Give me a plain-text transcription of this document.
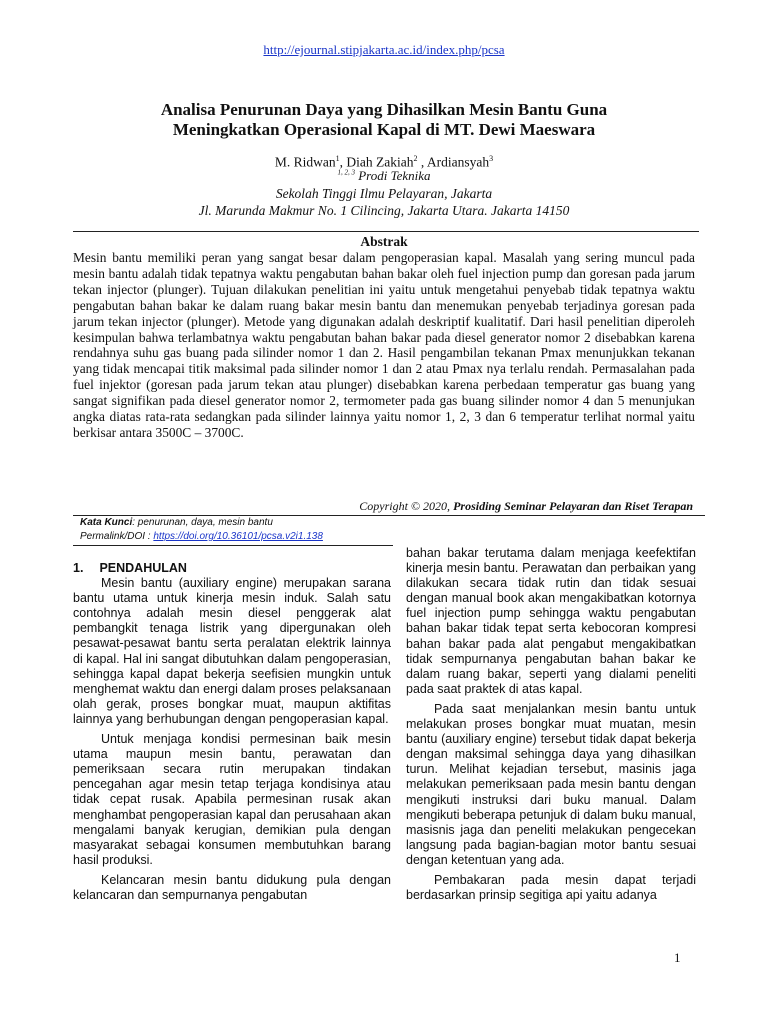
http://ejournal.stipjakarta.ac.id/index.php/pcsa
Analisa Penurunan Daya yang Dihasilkan Mesin Bantu Guna
Meningkatkan Operasional Kapal di MT. Dewi Maeswara
M. Ridwan$^1$, Diah Zakiah$^2$ , Ardiansyah$^3$
$^{1, 2, 3}$ Prodi Teknika
Sekolah Tinggi Ilmu Pelayaran, Jakarta
Jl. Marunda Makmur No. 1 Cilincing, Jakarta Utara. Jakarta 14150
Abstrak
Mesin bantu memiliki peran yang sangat besar dalam pengoperasian kapal. Masalah yang sering muncul pada mesin bantu adalah tidak tepatnya waktu pengabutan bahan bakar oleh fuel injection pump dan goresan pada jarum tekan injector (plunger). Tujuan dilakukan penelitian ini yaitu untuk mengetahui penyebab tidak tepatnya waktu pengabutan bahan bakar ke dalam ruang bakar mesin bantu dan menemukan penyebab terjadinya goresan pada jarum tekan injector (plunger). Metode yang digunakan adalah deskriptif kualitatif. Dari hasil penelitian diperoleh kesimpulan bahwa terlambatnya waktu pengabutan bahan bakar pada diesel generator nomor 2 disebabkan karena rendahnya suhu gas buang pada silinder nomor 1 dan 2. Hasil pengambilan tekanan Pmax menunjukkan tekanan yang tidak mencapai titik maksimal pada silinder nomor 1 dan 2 atau Pmax nya terlalu rendah. Permasalahan pada fuel injektor (goresan pada jarum tekan atau plunger) disebabkan karena perbedaan temperatur gas buang yang sangat signifikan pada diesel generator nomor 2, termometer pada gas buang silinder nomor 4 dan 5 menunjukan angka diatas rata-rata sedangkan pada silinder lainnya yaitu nomor 1, 2, 3 dan 6 temperatur terlihat normal yaitu berkisar antara 3500C – 3700C.
Copyright © 2020, Prosiding Seminar Pelayaran dan Riset Terapan
Kata Kunci: penurunan, daya, mesin bantu
Permalink/DOI : https://doi.org/10.36101/pcsa.v2i1.138

1. PENDAHULAN

Mesin bantu (auxiliary engine) merupakan sarana bantu utama untuk kinerja mesin induk. Salah satu contohnya adalah mesin diesel penggerak alat pembangkit tenaga listrik yang dipergunakan oleh pesawat-pesawat bantu serta peralatan elektrik lainnya di kapal. Hal ini sangat dibutuhkan dalam pengoperasian, sehingga kapal dapat bekerja seefisien mungkin untuk menghemat waktu dan energi dalam proses pelaksanaan olah gerak, proses bongkar muat, maupun aktifitas lainnya yang berhubungan dengan pengoperasian kapal.

Untuk menjaga kondisi permesinan baik mesin utama maupun mesin bantu, perawatan dan pemeriksaan secara rutin merupakan tindakan pencegahan agar mesin tetap terjaga kondisinya atau tidak cepat rusak. Apabila permesinan rusak akan menghambat pengoperasian kapal dan perusahaan akan mengalami banyak kerugian, demikian pula dengan masyarakat sebagai konsumen membutuhkan barang hasil produksi.

Kelancaran mesin bantu didukung pula dengan kelancaran dan sempurnanya pengabutan

bahan bakar terutama dalam menjaga keefektifan kinerja mesin bantu. Perawatan dan perbaikan yang dilakukan secara tidak rutin dan tidak sesuai dengan manual book akan mengakibatkan kotornya fuel injection pump sehingga waktu pengabutan bahan bakar tidak tepat serta kebocoran kompresi bahan bakar pada alat pengabut mengakibatkan tidak sempurnanya pengabutan bahan bakar ke dalam ruang bakar, seperti yang dialami peneliti pada saat praktek di atas kapal.

Pada saat menjalankan mesin bantu untuk melakukan proses bongkar muat muatan, mesin bantu (auxiliary engine) tersebut tidak dapat bekerja dengan maksimal sehingga daya yang dihasilkan turun. Melihat kejadian tersebut, masinis jaga melakukan pemeriksaan pada mesin bantu dengan mengikuti instruksi dari buku manual. Dalam mengikuti beberapa petunjuk di dalam buku manual, masisnis jaga dan peneliti melakukan pengecekan langsung pada bagian-bagian motor bantu sesuai dengan ketentuan yang ada.

Pembakaran pada mesin dapat terjadi berdasarkan prinsip segitiga api yaitu adanya

1
